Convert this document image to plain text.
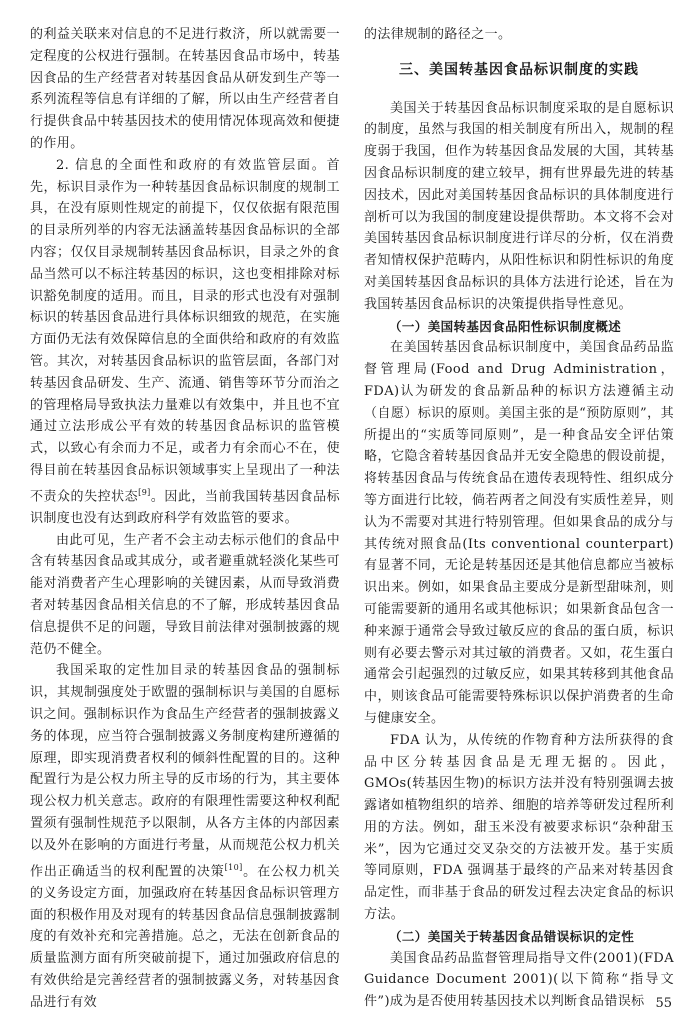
的利益关联来对信息的不足进行救济，所以就需要一定程度的公权进行强制。在转基因食品市场中，转基因食品的生产经营者对转基因食品从研发到生产等一系列流程等信息有详细的了解，所以由生产经营者自行提供食品中转基因技术的使用情况体现高效和便捷的作用。

2. 信息的全面性和政府的有效监管层面。首先，标识目录作为一种转基因食品标识制度的规制工具，在没有原则性规定的前提下，仅仅依据有限范围的目录所列举的内容无法涵盖转基因食品标识的全部内容；仅仅目录规制转基因食品标识，目录之外的食品当然可以不标注转基因的标识，这也变相排除对标识豁免制度的适用。而且，目录的形式也没有对强制标识的转基因食品进行具体标识细致的规范，在实施方面仍无法有效保障信息的全面供给和政府的有效监管。其次，对转基因食品标识的监管层面，各部门对转基因食品研发、生产、流通、销售等环节分而治之的管理格局导致执法力量难以有效集中，并且也不宜通过立法形成公平有效的转基因食品标识的监管模式，以致心有余而力不足，或者力有余而心不在，使得目前在转基因食品标识领域事实上呈现出了一种法不责众的失控状态[9]。因此，当前我国转基因食品标识制度也没有达到政府科学有效监管的要求。

由此可见，生产者不会主动去标示他们的食品中含有转基因食品或其成分，或者避重就轻淡化某些可能对消费者产生心理影响的关键因素，从而导致消费者对转基因食品相关信息的不了解，形成转基因食品信息提供不足的问题，导致目前法律对强制披露的规范仍不健全。

我国采取的定性加目录的转基因食品的强制标识，其规制强度处于欧盟的强制标识与美国的自愿标识之间。强制标识作为食品生产经营者的强制披露义务的体现，应当符合强制披露义务制度构建所遵循的原理，即实现消费者权利的倾斜性配置的目的。这种配置行为是公权力所主导的反市场的行为，其主要体现公权力机关意志。政府的有限理性需要这种权利配置须有强制性规范予以限制，从各方主体的内部因素以及外在影响的方面进行考量，从而规范公权力机关作出正确适当的权利配置的决策[10]。在公权力机关的义务设定方面，加强政府在转基因食品标识管理方面的积极作用及对现有的转基因食品信息强制披露制度的有效补充和完善措施。总之，无法在创新食品的质量监测方面有所突破前提下，通过加强政府信息的有效供给是完善经营者的强制披露义务，对转基因食品进行有效

的法律规制的路径之一。

三、美国转基因食品标识制度的实践

美国关于转基因食品标识制度采取的是自愿标识的制度，虽然与我国的相关制度有所出入，规制的程度弱于我国，但作为转基因食品发展的大国，其转基因食品标识制度的建立较早，拥有世界最先进的转基因技术，因此对美国转基因食品标识的具体制度进行剖析可以为我国的制度建设提供帮助。本文将不会对美国转基因食品标识制度进行详尽的分析，仅在消费者知情权保护范畴内，从阳性标识和阴性标识的角度对美国转基因食品标识的具体方法进行论述，旨在为我国转基因食品标识的决策提供指导性意见。

（一）美国转基因食品阳性标识制度概述

在美国转基因食品标识制度中，美国食品药品监督管理局(Food and Drug Administration，FDA)认为研发的食品新品种的标识方法遵循主动（自愿）标识的原则。美国主张的是“预防原则”，其所提出的“实质等同原则”，是一种食品安全评估策略，它隐含着转基因食品并无安全隐患的假设前提，将转基因食品与传统食品在遗传表现特性、组织成分等方面进行比较，倘若两者之间没有实质性差异，则认为不需要对其进行特别管理。但如果食品的成分与其传统对照食品(Its conventional counterpart)有显著不同，无论是转基因还是其他信息都应当被标识出来。例如，如果食品主要成分是新型甜味剂，则可能需要新的通用名或其他标识；如果新食品包含一种来源于通常会导致过敏反应的食品的蛋白质，标识则有必要去警示对其过敏的消费者。又如，花生蛋白通常会引起强烈的过敏反应，如果其转移到其他食品中，则该食品可能需要特殊标识以保护消费者的生命与健康安全。

FDA 认为，从传统的作物育种方法所获得的食品中区分转基因食品是无理无据的。因此，GMOs(转基因生物)的标识方法并没有特别强调去披露诸如植物组织的培养、细胞的培养等研发过程所利用的方法。例如，甜玉米没有被要求标识“杂种甜玉米”，因为它通过交叉杂交的方法被开发。基于实质等同原则，FDA 强调基于最终的产品来对转基因食品定性，而非基于食品的研发过程去决定食品的标识方法。

（二）美国关于转基因食品错误标识的定性

美国食品药品监督管理局指导文件(2001)(FDA Guidance Document 2001)(以下简称“指导文件”)成为是否使用转基因技术以判断食品错误标 55
